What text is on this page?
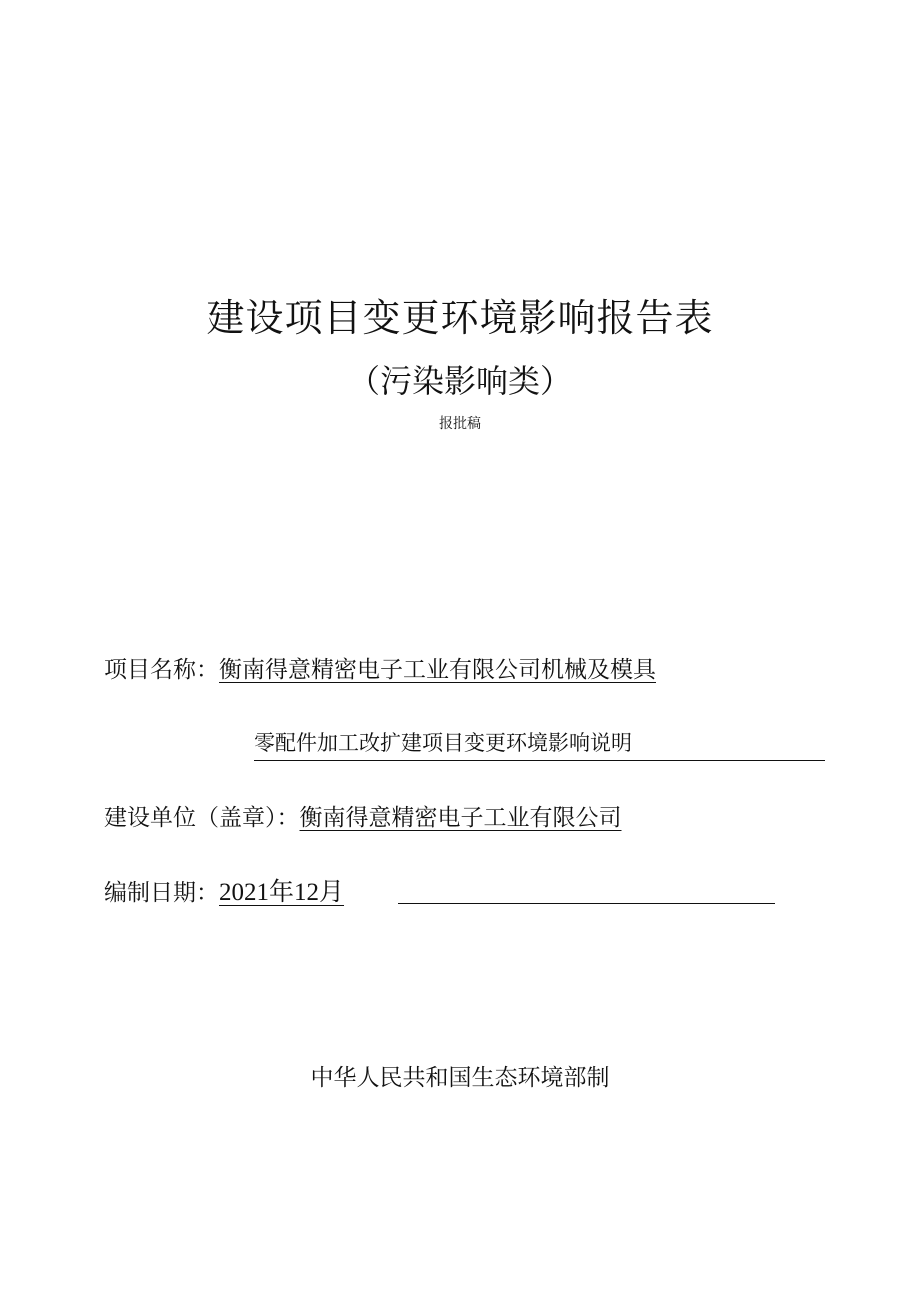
建设项目变更环境影响报告表
（污染影响类）
报批稿
项目名称：衡南得意精密电子工业有限公司机械及模具
零配件加工改扩建项目变更环境影响说明
建设单位（盖章）：衡南得意精密电子工业有限公司
编制日期：2021年12月
中华人民共和国生态环境部制
